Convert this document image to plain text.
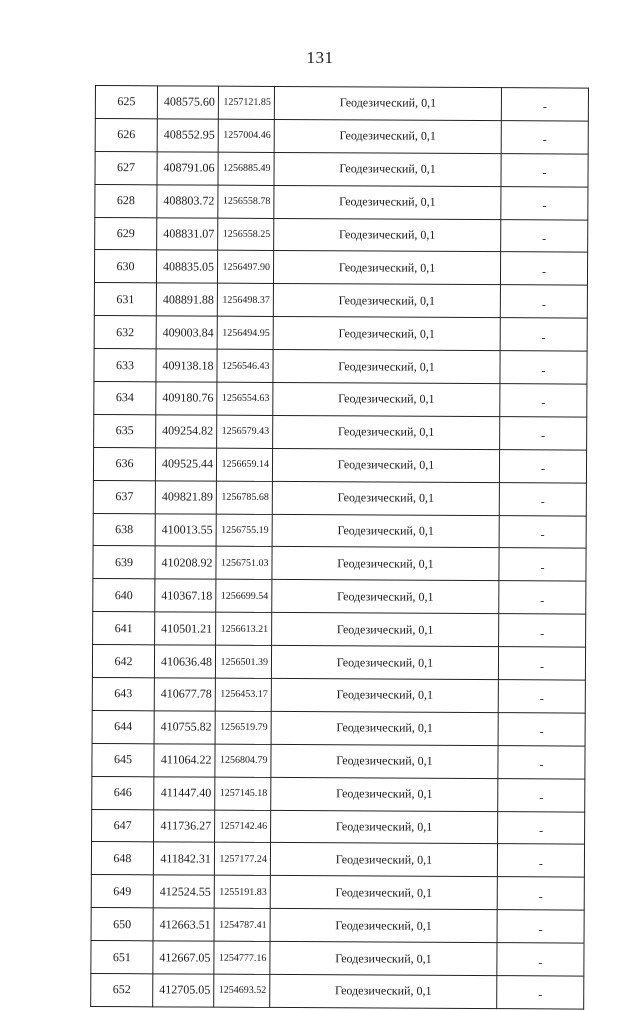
131
625	408575.60	1257121.85	Геодезический, 0,1	-
626	408552.95	1257004.46	Геодезический, 0,1	-
627	408791.06	1256885.49	Геодезический, 0,1	-
628	408803.72	1256558.78	Геодезический, 0,1	-
629	408831.07	1256558.25	Геодезический, 0,1	-
630	408835.05	1256497.90	Геодезический, 0,1	-
631	408891.88	1256498.37	Геодезический, 0,1	-
632	409003.84	1256494.95	Геодезический, 0,1	-
633	409138.18	1256546.43	Геодезический, 0,1	-
634	409180.76	1256554.63	Геодезический, 0,1	-
635	409254.82	1256579.43	Геодезический, 0,1	-
636	409525.44	1256659.14	Геодезический, 0,1	-
637	409821.89	1256785.68	Геодезический, 0,1	-
638	410013.55	1256755.19	Геодезический, 0,1	-
639	410208.92	1256751.03	Геодезический, 0,1	-
640	410367.18	1256699.54	Геодезический, 0,1	-
641	410501.21	1256613.21	Геодезический, 0,1	-
642	410636.48	1256501.39	Геодезический, 0,1	-
643	410677.78	1256453.17	Геодезический, 0,1	-
644	410755.82	1256519.79	Геодезический, 0,1	-
645	411064.22	1256804.79	Геодезический, 0,1	-
646	411447.40	1257145.18	Геодезический, 0,1	-
647	411736.27	1257142.46	Геодезический, 0,1	-
648	411842.31	1257177.24	Геодезический, 0,1	-
649	412524.55	1255191.83	Геодезический, 0,1	-
650	412663.51	1254787.41	Геодезический, 0,1	-
651	412667.05	1254777.16	Геодезический, 0,1	-
652	412705.05	1254693.52	Геодезический, 0,1	-
